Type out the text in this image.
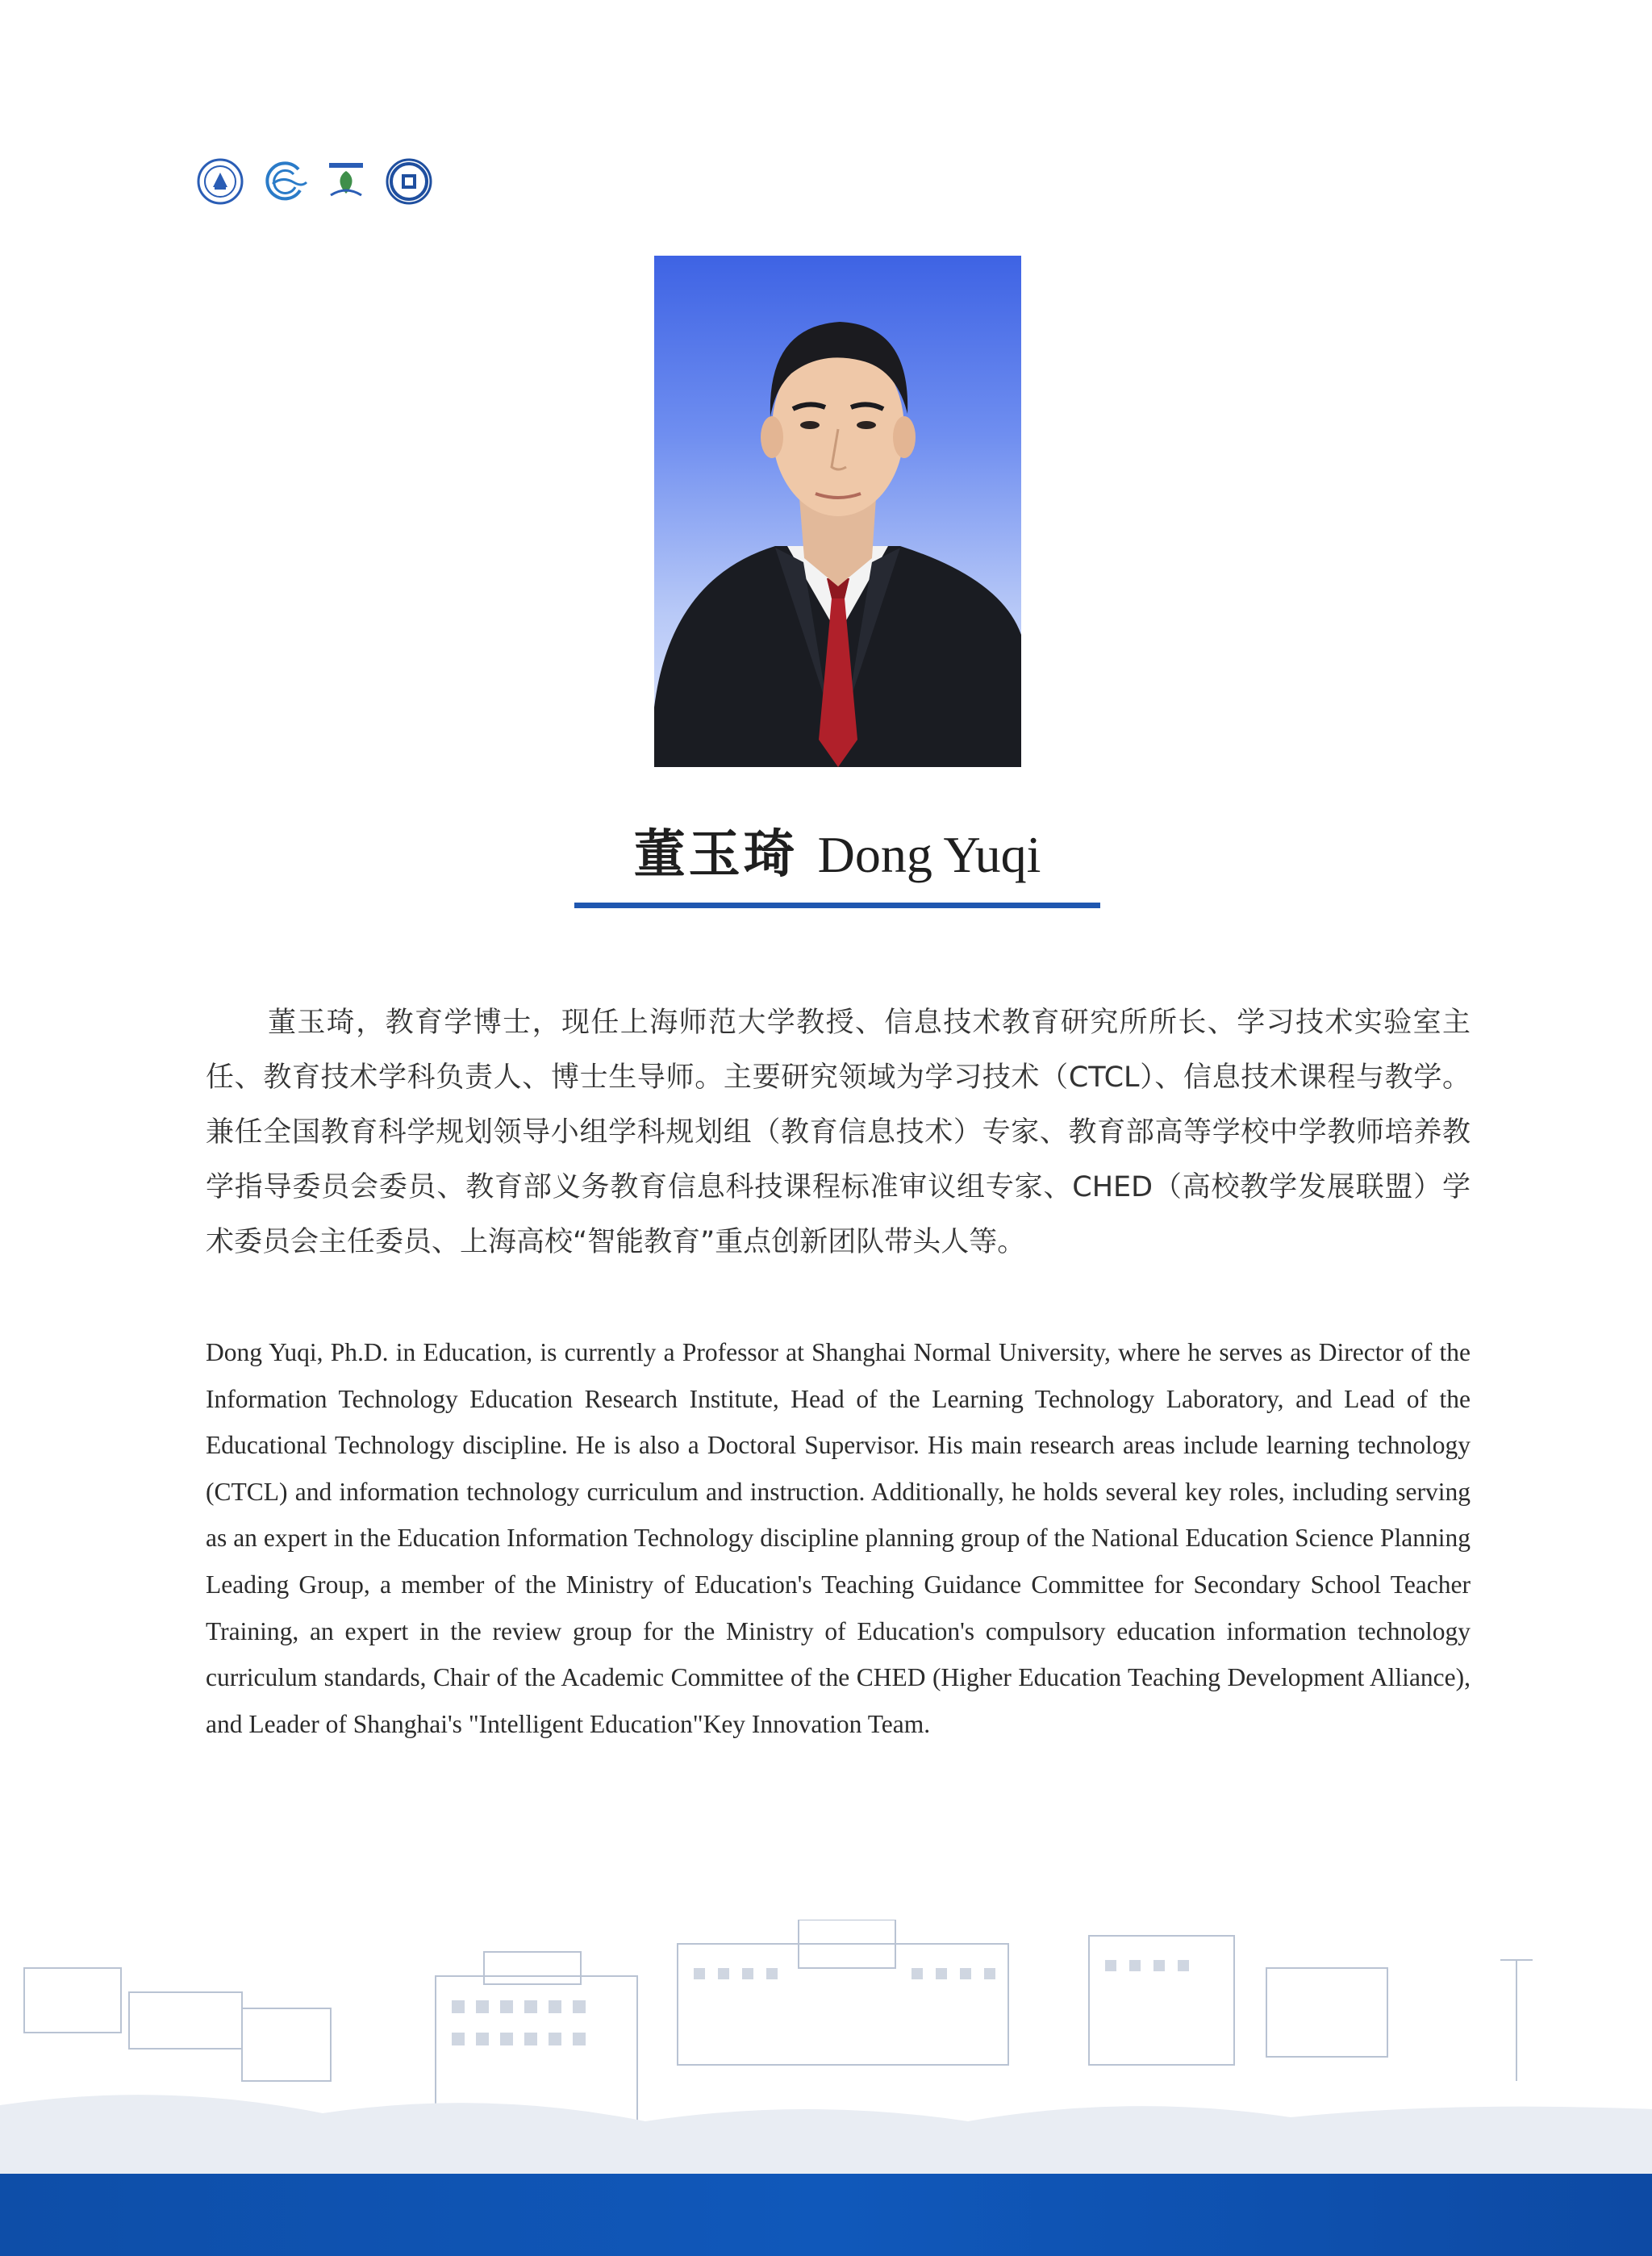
董玉琦 Dong Yuqi

董玉琦，教育学博士，现任上海师范大学教授、信息技术教育研究所所长、学习技术实验室主任、教育技术学科负责人、博士生导师。主要研究领域为学习技术（CTCL）、信息技术课程与教学。兼任全国教育科学规划领导小组学科规划组（教育信息技术）专家、教育部高等学校中学教师培养教学指导委员会委员、教育部义务教育信息科技课程标准审议组专家、CHED（高校教学发展联盟）学术委员会主任委员、上海高校“智能教育”重点创新团队带头人等。

Dong Yuqi, Ph.D. in Education, is currently a Professor at Shanghai Normal University, where he serves as Director of the Information Technology Education Research Institute, Head of the Learning Technology Laboratory, and Lead of the Educational Technology discipline. He is also a Doctoral Supervisor. His main research areas include learning technology (CTCL) and information technology curriculum and instruction. Additionally, he holds several key roles, including serving as an expert in the Education Information Technology discipline planning group of the National Education Science Planning Leading Group, a member of the Ministry of Education's Teaching Guidance Committee for Secondary School Teacher Training, an expert in the review group for the Ministry of Education's compulsory education information technology curriculum standards, Chair of the Academic Committee of the CHED (Higher Education Teaching Development Alliance), and Leader of Shanghai's "Intelligent Education"Key Innovation Team.
